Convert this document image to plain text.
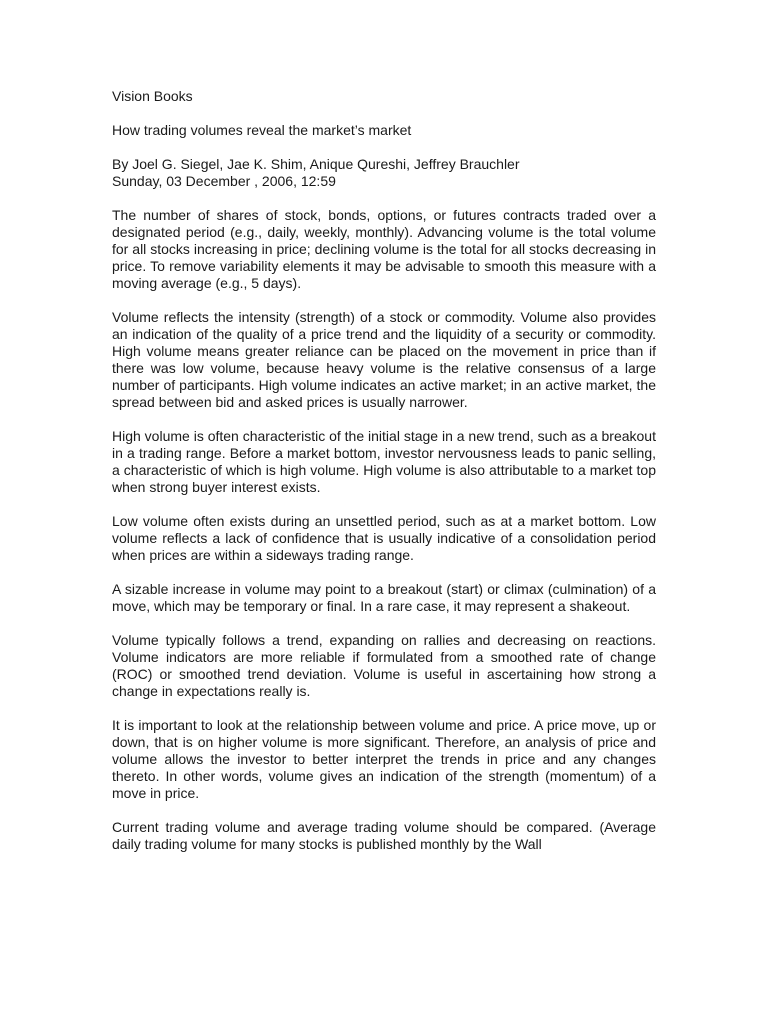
Vision Books

How trading volumes reveal the market’s market

By Joel G. Siegel, Jae K. Shim, Anique Qureshi, Jeffrey Brauchler

Sunday, 03 December , 2006, 12:59

The number of shares of stock, bonds, options, or futures contracts traded over a designated period (e.g., daily, weekly, monthly). Advancing volume is the total volume for all stocks increasing in price; declining volume is the total for all stocks decreasing in price. To remove variability elements it may be advisable to smooth this measure with a moving average (e.g., 5 days).

Volume reflects the intensity (strength) of a stock or commodity. Volume also provides an indication of the quality of a price trend and the liquidity of a security or commodity. High volume means greater reliance can be placed on the movement in price than if there was low volume, because heavy volume is the relative consensus of a large number of participants. High volume indicates an active market; in an active market, the spread between bid and asked prices is usually narrower.

High volume is often characteristic of the initial stage in a new trend, such as a breakout in a trading range. Before a market bottom, investor nervousness leads to panic selling, a characteristic of which is high volume. High volume is also attributable to a market top when strong buyer interest exists.

Low volume often exists during an unsettled period, such as at a market bottom. Low volume reflects a lack of confidence that is usually indicative of a consolidation period when prices are within a sideways trading range.

A sizable increase in volume may point to a breakout (start) or climax (culmination) of a move, which may be temporary or final. In a rare case, it may represent a shakeout.

Volume typically follows a trend, expanding on rallies and decreasing on reactions. Volume indicators are more reliable if formulated from a smoothed rate of change (ROC) or smoothed trend deviation. Volume is useful in ascertaining how strong a change in expectations really is.

It is important to look at the relationship between volume and price. A price move, up or down, that is on higher volume is more significant. Therefore, an analysis of price and volume allows the investor to better interpret the trends in price and any changes thereto. In other words, volume gives an indication of the strength (momentum) of a move in price.

Current trading volume and average trading volume should be compared. (Average daily trading volume for many stocks is published monthly by the Wall
